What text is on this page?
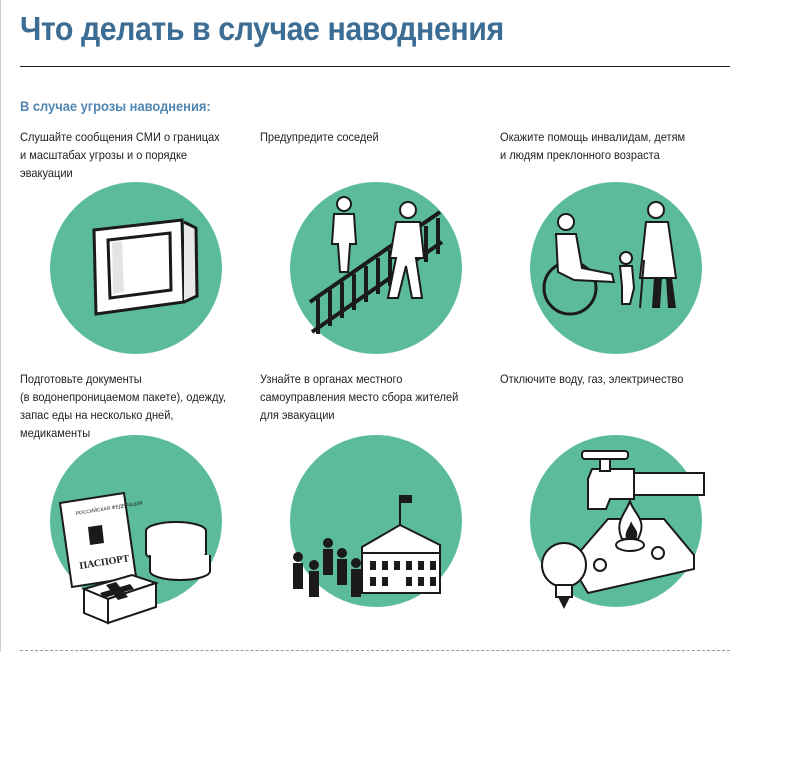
Что делать в случае наводнения
В случае угрозы наводнения:
Слушайте сообщения СМИ о границах
и масштабах угрозы и о порядке
эвакуации
Предупредите соседей	Окажите помощь инвалидам, детям
и людям преклонного возраста
Подготовьте документы
(в водонепроницаемом пакете), одежду,
запас еды на несколько дней,
медикаменты
Узнайте в органах местного
самоуправления место сбора жителей
для эвакуации
Отключите воду, газ, электричество
РОССИЙСКАЯ ФЕДЕРАЦИЯ
ПАСПОРТ
